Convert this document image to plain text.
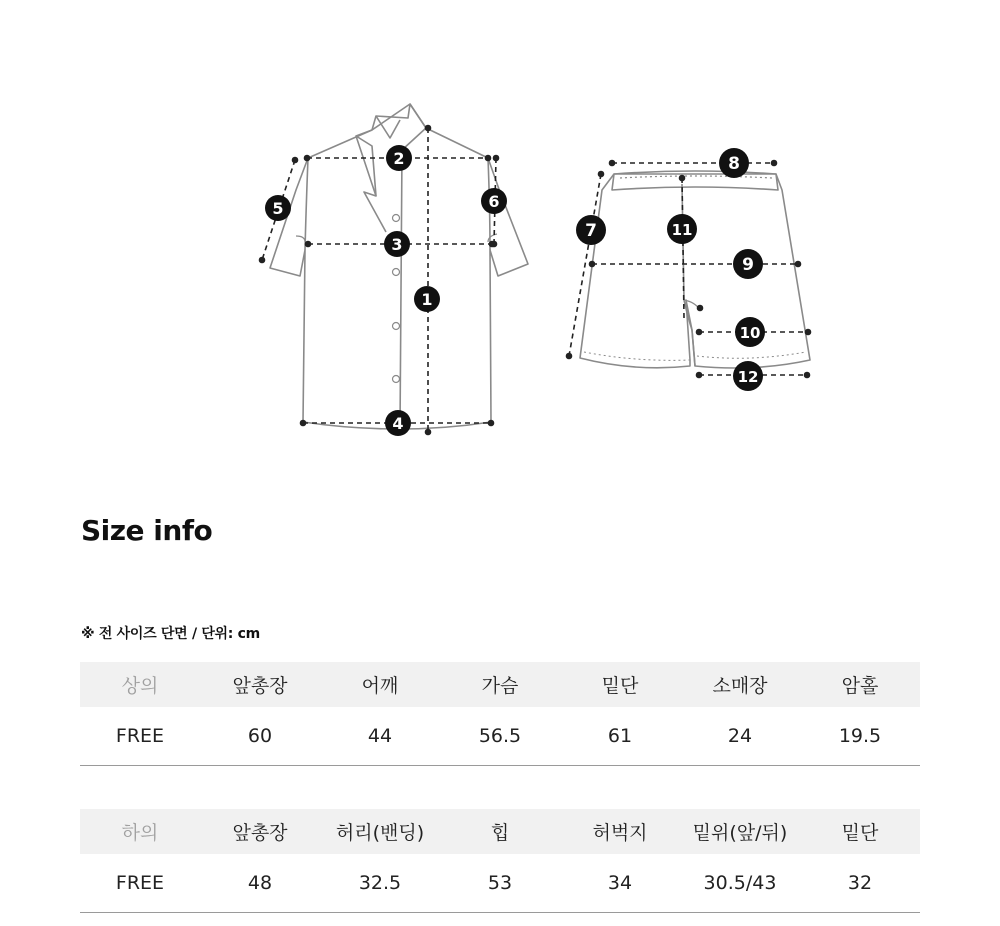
1
2
3
4
5	6
7
8
9
10
11
12
Size info
※ 전 사이즈 단면 / 단위: cm
상의	앞총장	어깨	가슴	밑단	소매장	암홀
FREE	60	44	56.5	61	24	19.5
하의	앞총장	허리(밴딩)	힙	허벅지	밑위(앞/뒤)	밑단
FREE	48	32.5	53	34	30.5/43	32
